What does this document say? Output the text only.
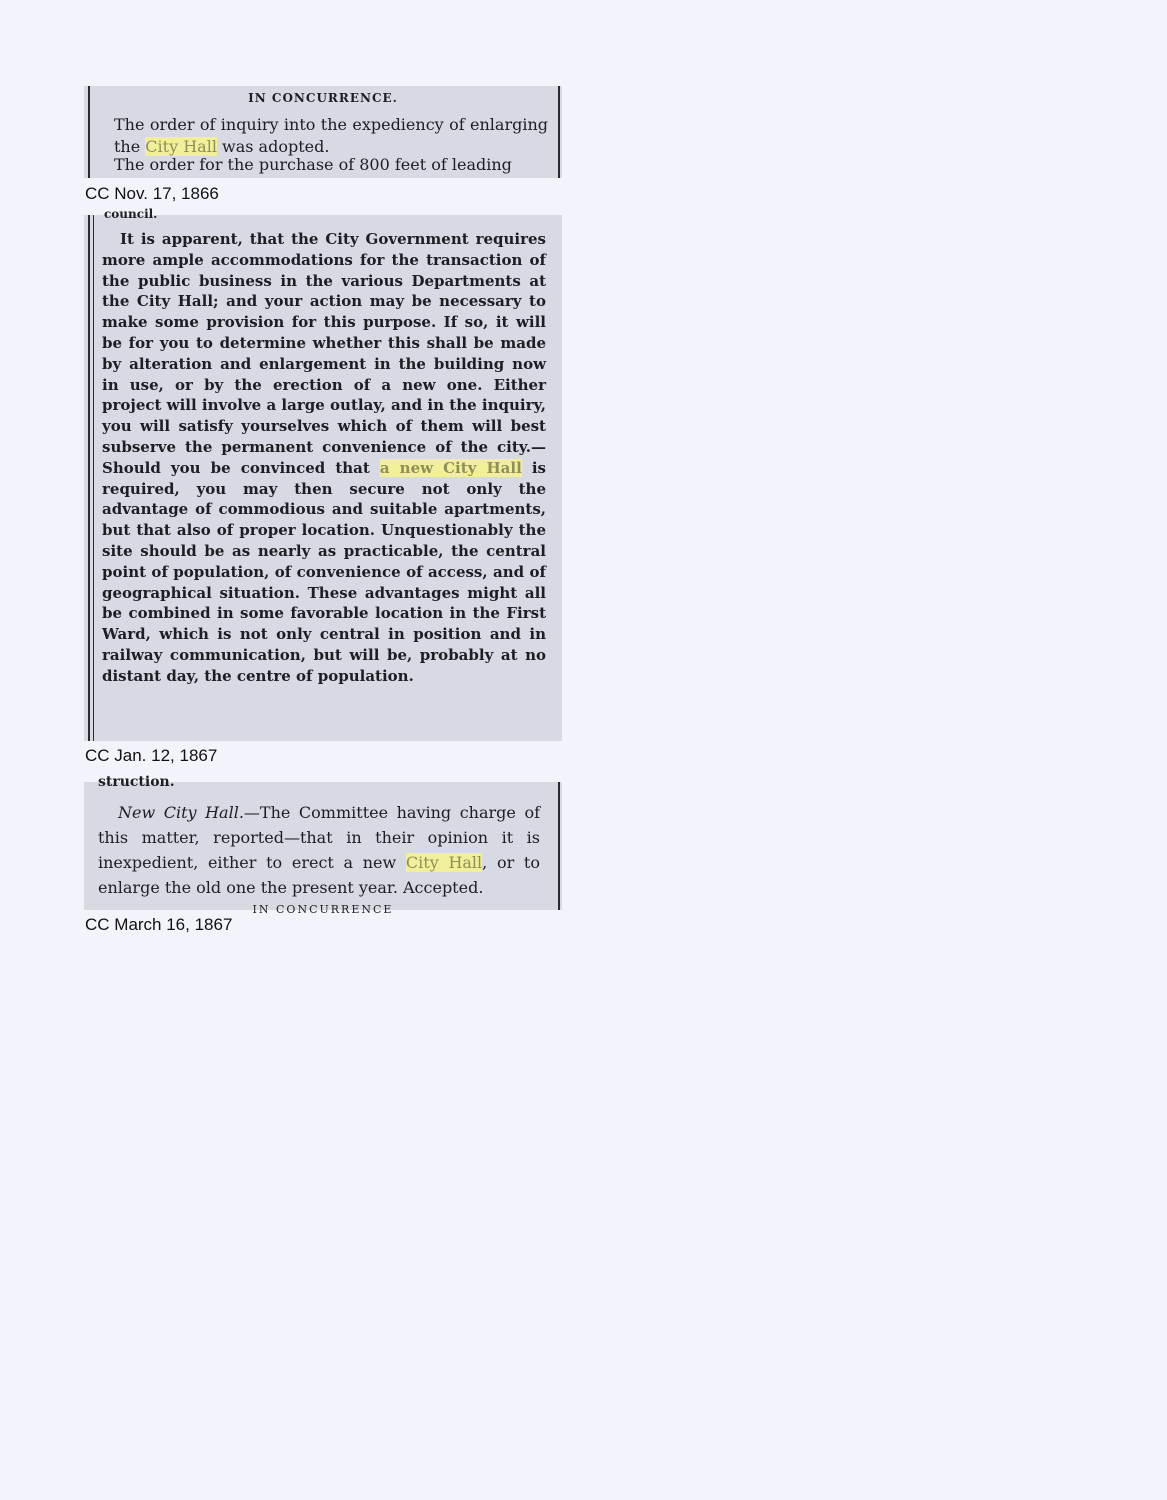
IN CONCURRENCE.

The order of inquiry into the expediency of enlarging the City Hall was adopted.

The order for the purchase of 800 feet of leading
CC Nov. 17, 1866
council.

It is apparent, that the City Government requires more ample accommodations for the transaction of the public business in the various Departments at the City Hall; and your action may be necessary to make some provision for this purpose. If so, it will be for you to determine whether this shall be made by alteration and enlargement in the building now in use, or by the erection of a new one. Either project will involve a large outlay, and in the inquiry, you will satisfy yourselves which of them will best subserve the permanent convenience of the city.—Should you be convinced that a new City Hall is required, you may then secure not only the advantage of commodious and suitable apartments, but that also of proper location. Unquestionably the site should be as nearly as practicable, the central point of population, of convenience of access, and of geographical situation. These advantages might all be combined in some favorable location in the First Ward, which is not only central in position and in railway communication, but will be, probably at no distant day, the centre of population.

CC Jan. 12, 1867
struction.

New City Hall.—The Committee having charge of this matter, reported—that in their opinion it is inexpedient, either to erect a new City Hall, or to enlarge the old one the present year. Accepted.

IN CONCURRENCE
CC March 16, 1867
